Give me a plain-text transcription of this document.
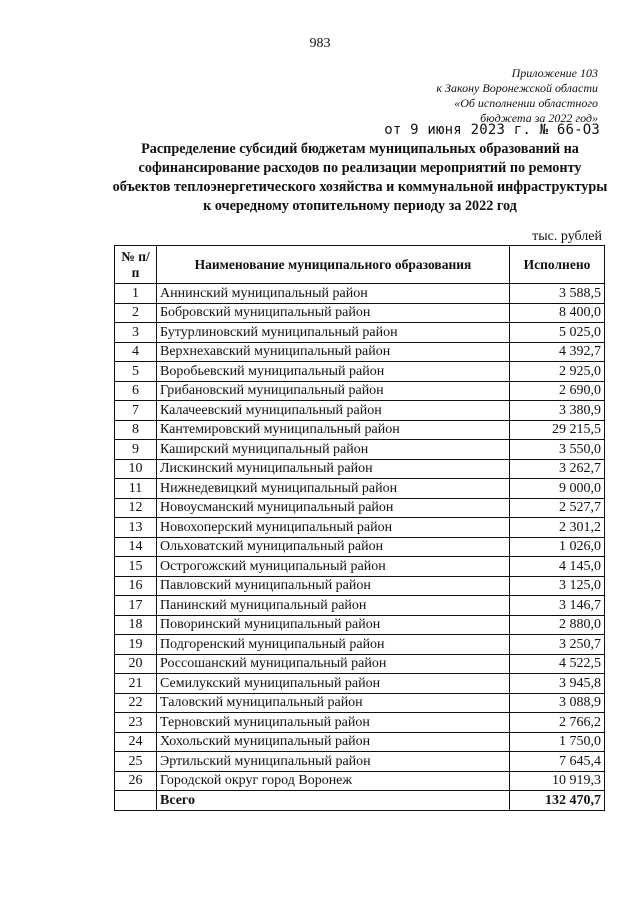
983
Приложение 103
к Закону Воронежской области
«Об исполнении областного
бюджета за 2022 год»
от 9 июня 2023 г. № 66-ОЗ
Распределение субсидий бюджетам муниципальных образований на софинансирование расходов по реализации мероприятий по ремонту объектов теплоэнергетического хозяйства и коммунальной инфраструктуры к очередному отопительному периоду за 2022 год
тыс. рублей
№ п/п	Наименование муниципального образования	Исполнено
1	Аннинский муниципальный район	3 588,5
2	Бобровский муниципальный район	8 400,0
3	Бутурлиновский муниципальный район	5 025,0
4	Верхнехавский муниципальный район	4 392,7
5	Воробьевский муниципальный район	2 925,0
6	Грибановский муниципальный район	2 690,0
7	Калачеевский муниципальный район	3 380,9
8	Кантемировский муниципальный район	29 215,5
9	Каширский муниципальный район	3 550,0
10	Лискинский муниципальный район	3 262,7
11	Нижнедевицкий муниципальный район	9 000,0
12	Новоусманский муниципальный район	2 527,7
13	Новохоперский муниципальный район	2 301,2
14	Ольховатский муниципальный район	1 026,0
15	Острогожский муниципальный район	4 145,0
16	Павловский муниципальный район	3 125,0
17	Панинский муниципальный район	3 146,7
18	Поворинский муниципальный район	2 880,0
19	Подгоренский муниципальный район	3 250,7
20	Россошанский муниципальный район	4 522,5
21	Семилукский муниципальный район	3 945,8
22	Таловский муниципальный район	3 088,9
23	Терновский муниципальный район	2 766,2
24	Хохольский муниципальный район	1 750,0
25	Эртильский муниципальный район	7 645,4
26	Городской округ город Воронеж	10 919,3
	Всего	132 470,7
